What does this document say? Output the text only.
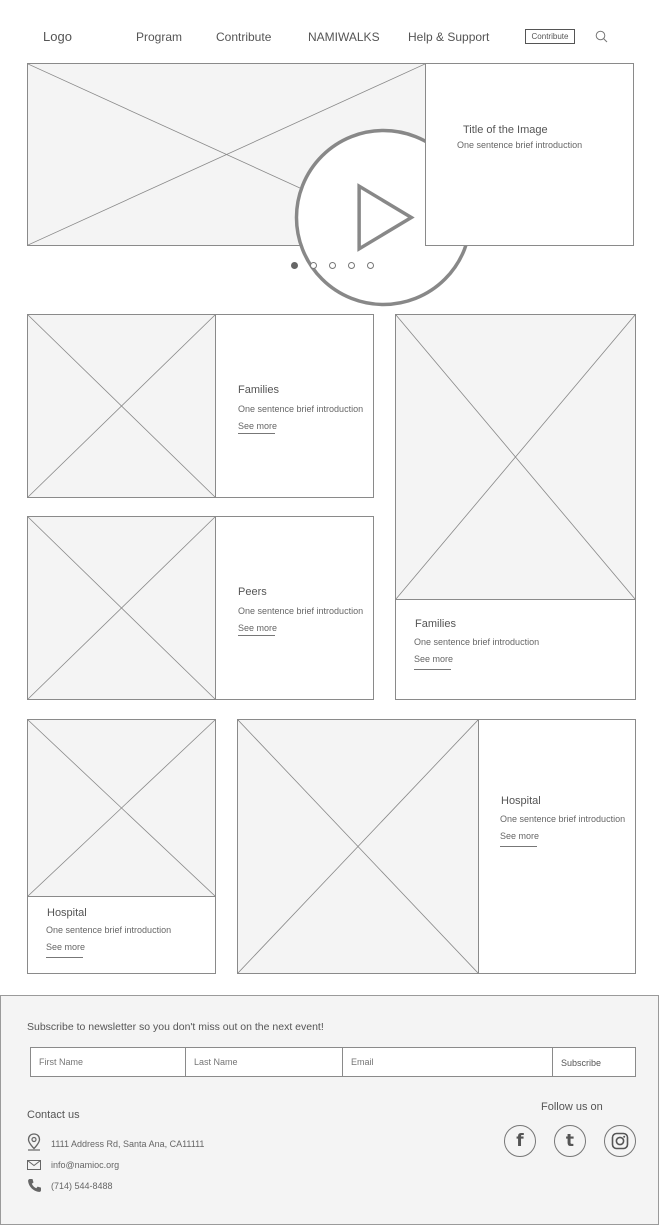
Logo	Program	Contribute	NAMIWALKS Help & Support	Contribute
Title of the Image
One sentence brief introduction
Families
One sentence brief introduction
See more
Peers
One sentence brief introduction
See more	Families
One sentence brief introduction
See more
Hospital
One sentence brief introduction
See more
Hospital
One sentence brief introduction
See more
Subscribe to newsletter so you don't miss out on the next event!
First Name
Last Name
Email
Subscribe
Contact us
1111 Address Rd, Santa Ana, CA11111
info@namioc.org
(714) 544-8488
Follow us on
f t
